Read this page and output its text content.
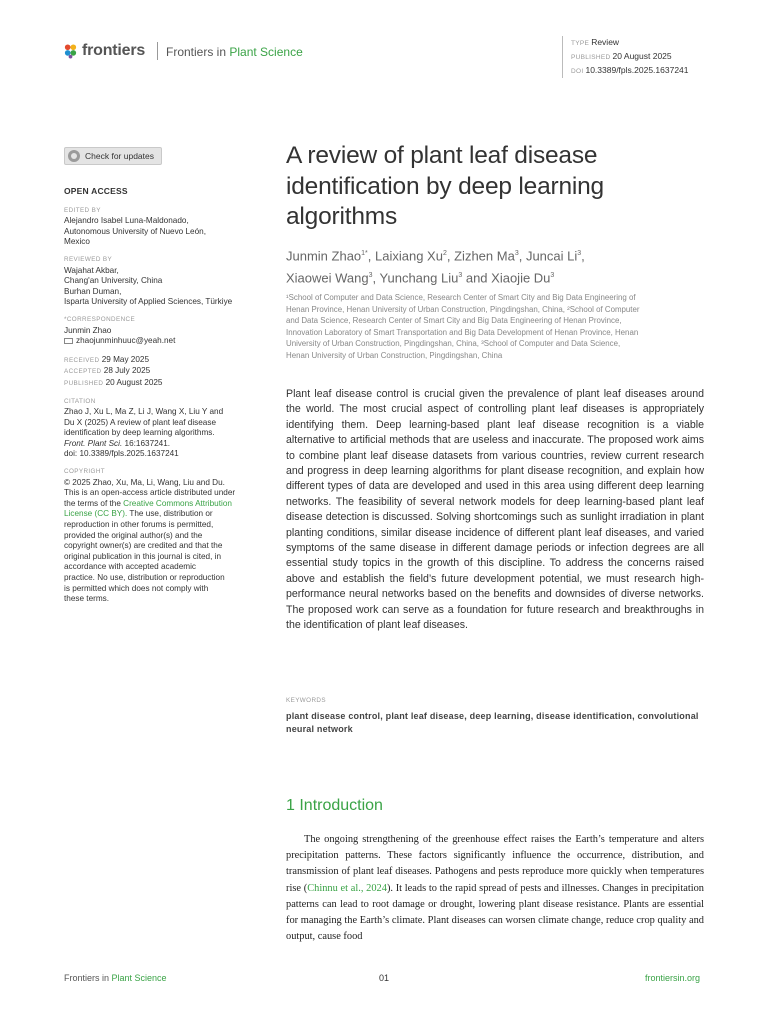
frontiers Frontiers in Plant Science
TYPE Review
PUBLISHED 20 August 2025
DOI 10.3389/fpls.2025.1637241
Check for updates
OPEN ACCESS
EDITED BY
Alejandro Isabel Luna-Maldonado,
Autonomous University of Nuevo León,
Mexico
REVIEWED BY
Wajahat Akbar,
Chang'an University, China
Burhan Duman,
Isparta University of Applied Sciences, Türkiye
*CORRESPONDENCE
Junmin Zhao
zhaojunminhuuc@yeah.net
RECEIVED 29 May 2025
ACCEPTED 28 July 2025
PUBLISHED 20 August 2025
CITATION
Zhao J, Xu L, Ma Z, Li J, Wang X, Liu Y and
Du X (2025) A review of plant leaf disease
identification by deep learning algorithms.
Front. Plant Sci. 16:1637241.
doi: 10.3389/fpls.2025.1637241
COPYRIGHT
© 2025 Zhao, Xu, Ma, Li, Wang, Liu and Du.
This is an open-access article distributed under
the terms of the Creative Commons Attribution
License (CC BY). The use, distribution or
reproduction in other forums is permitted,
provided the original author(s) and the
copyright owner(s) are credited and that the
original publication in this journal is cited, in
accordance with accepted academic
practice. No use, distribution or reproduction
is permitted which does not comply with
these terms.
A review of plant leaf disease
identification by deep learning
algorithms
Junmin Zhao$^{1*}$, Laixiang Xu$^2$, Zizhen Ma$^3$, Juncai Li$^3$,
Xiaowei Wang$^3$, Yunchang Liu$^3$ and Xiaojie Du$^3$
¹School of Computer and Data Science, Research Center of Smart City and Big Data Engineering of
Henan Province, Henan University of Urban Construction, Pingdingshan, China, ²School of Computer
and Data Science, Research Center of Smart City and Big Data Engineering of Henan Province,
Innovation Laboratory of Smart Transportation and Big Data Development of Henan Province, Henan
University of Urban Construction, Pingdingshan, China, ³School of Computer and Data Science,
Henan University of Urban Construction, Pingdingshan, China
Plant leaf disease control is crucial given the prevalence of plant leaf diseases around the world. The most crucial aspect of controlling plant leaf diseases is appropriately identifying them. Deep learning-based plant leaf disease recognition is a viable alternative to artificial methods that are useless and inaccurate. The proposed work aims to combine plant leaf disease datasets from various countries, review current research and progress in deep learning algorithms for plant disease recognition, and explain how different types of data are developed and used in this area using different deep learning networks. The feasibility of several network models for deep learning-based plant leaf disease detection is discussed. Solving shortcomings such as sunlight irradiation in plant planting conditions, similar disease incidence of different plant leaf diseases, and varied symptoms of the same disease in different damage periods or infection degrees are all essential study topics in the growth of this discipline. To address the concerns raised above and establish the field’s future development potential, we must research high-performance neural networks based on the benefits and downsides of diverse networks. The proposed work can serve as a foundation for future research and breakthroughs in the identification of plant leaf diseases.
KEYWORDS
plant disease control, plant leaf disease, deep learning, disease identification, convolutional neural network
1 Introduction
The ongoing strengthening of the greenhouse effect raises the Earth’s temperature and alters precipitation patterns. These factors significantly influence the occurrence, distribution, and transmission of plant leaf diseases. Pathogens and pests reproduce more quickly when temperatures rise (Chinnu et al., 2024). It leads to the rapid spread of pests and illnesses. Changes in precipitation patterns can lead to root damage or drought, lowering plant disease resistance. Plants are essential for managing the Earth’s climate. Plant diseases can worsen climate change, reduce crop quality and output, cause food
Frontiers in Plant Science	01	frontiersin.org
